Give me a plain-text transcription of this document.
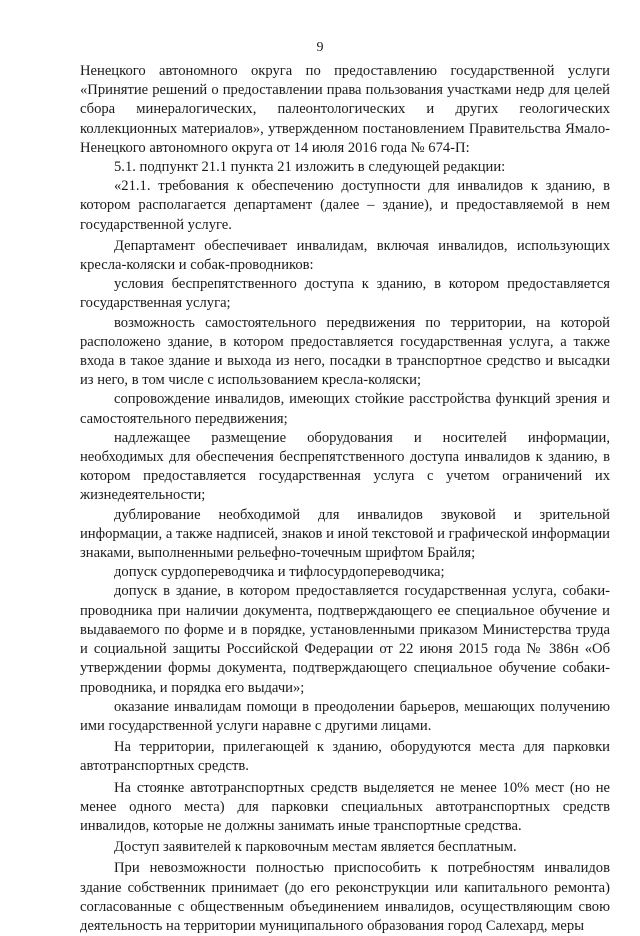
9

Ненецкого автономного округа по предоставлению государственной услуги «Принятие решений о предоставлении права пользования участками недр для целей сбора минералогических, палеонтологических и других геологических коллекционных материалов», утвержденном постановлением Правительства Ямало-Ненецкого автономного округа от 14 июля 2016 года № 674-П:

5.1. подпункт 21.1 пункта 21 изложить в следующей редакции:

«21.1. требования к обеспечению доступности для инвалидов к зданию, в котором располагается департамент (далее – здание), и предоставляемой в нем государственной услуге.

Департамент обеспечивает инвалидам, включая инвалидов, использующих кресла-коляски и собак-проводников:

условия беспрепятственного доступа к зданию, в котором предоставляется государственная услуга;

возможность самостоятельного передвижения по территории, на которой расположено здание, в котором предоставляется государственная услуга, а также входа в такое здание и выхода из него, посадки в транспортное средство и высадки из него, в том числе с использованием кресла-коляски;

сопровождение инвалидов, имеющих стойкие расстройства функций зрения и самостоятельного передвижения;

надлежащее размещение оборудования и носителей информации, необходимых для обеспечения беспрепятственного доступа инвалидов к зданию, в котором предоставляется государственная услуга с учетом ограничений их жизнедеятельности;

дублирование необходимой для инвалидов звуковой и зрительной информации, а также надписей, знаков и иной текстовой и графической информации знаками, выполненными рельефно-точечным шрифтом Брайля;

допуск сурдопереводчика и тифлосурдопереводчика;

допуск в здание, в котором предоставляется государственная услуга, собаки-проводника при наличии документа, подтверждающего ее специальное обучение и выдаваемого по форме и в порядке, установленными приказом Министерства труда и социальной защиты Российской Федерации от 22 июня 2015 года № 386н «Об утверждении формы документа, подтверждающего специальное обучение собаки-проводника, и порядка его выдачи»;

оказание инвалидам помощи в преодолении барьеров, мешающих получению ими государственной услуги наравне с другими лицами.

На территории, прилегающей к зданию, оборудуются места для парковки автотранспортных средств.

На стоянке автотранспортных средств выделяется не менее 10% мест (но не менее одного места) для парковки специальных автотранспортных средств инвалидов, которые не должны занимать иные транспортные средства.

Доступ заявителей к парковочным местам является бесплатным.

При невозможности полностью приспособить к потребностям инвалидов здание собственник принимает (до его реконструкции или капитального ремонта) согласованные с общественным объединением инвалидов, осуществляющим свою деятельность на территории муниципального образования город Салехард, меры
